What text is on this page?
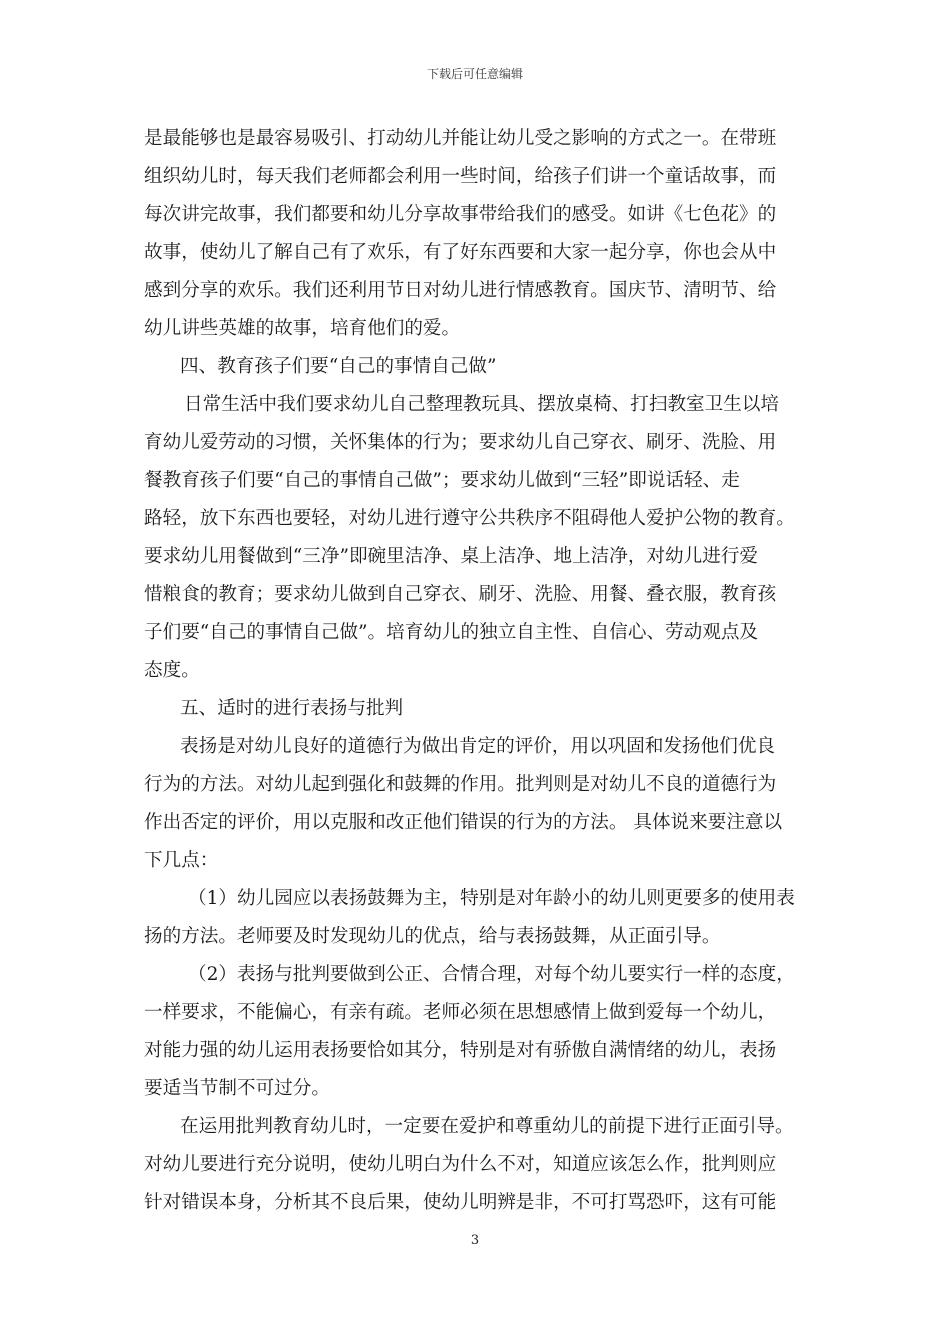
下载后可任意编辑
是最能够也是最容易吸引、打动幼儿并能让幼儿受之影响的方式之一。在带班
组织幼儿时，每天我们老师都会利用一些时间，给孩子们讲一个童话故事，而
每次讲完故事，我们都要和幼儿分享故事带给我们的感受。如讲《七色花》的
故事，使幼儿了解自己有了欢乐，有了好东西要和大家一起分享，你也会从中
感到分享的欢乐。我们还利用节日对幼儿进行情感教育。国庆节、清明节、给
幼儿讲些英雄的故事，培育他们的爱。
四、教育孩子们要“自己的事情自己做”
日常生活中我们要求幼儿自己整理教玩具、摆放桌椅、打扫教室卫生以培
育幼儿爱劳动的习惯，关怀集体的行为；要求幼儿自己穿衣、刷牙、洗脸、用
餐教育孩子们要“自己的事情自己做”；要求幼儿做到“三轻”即说话轻、走
路轻，放下东西也要轻，对幼儿进行遵守公共秩序不阻碍他人爱护公物的教育。
要求幼儿用餐做到“三净”即碗里洁净、桌上洁净、地上洁净，对幼儿进行爱
惜粮食的教育；要求幼儿做到自己穿衣、刷牙、洗脸、用餐、叠衣服，教育孩
子们要“自己的事情自己做”。培育幼儿的独立自主性、自信心、劳动观点及
态度。
五、适时的进行表扬与批判
表扬是对幼儿良好的道德行为做出肯定的评价，用以巩固和发扬他们优良
行为的方法。对幼儿起到强化和鼓舞的作用。批判则是对幼儿不良的道德行为
作出否定的评价，用以克服和改正他们错误的行为的方法。 具体说来要注意以
下几点：
（1）幼儿园应以表扬鼓舞为主，特别是对年龄小的幼儿则更要多的使用表
扬的方法。老师要及时发现幼儿的优点，给与表扬鼓舞，从正面引导。
（2）表扬与批判要做到公正、合情合理，对每个幼儿要实行一样的态度，
一样要求，不能偏心，有亲有疏。老师必须在思想感情上做到爱每一个幼儿，
对能力强的幼儿运用表扬要恰如其分，特别是对有骄傲自满情绪的幼儿，表扬
要适当节制不可过分。
在运用批判教育幼儿时，一定要在爱护和尊重幼儿的前提下进行正面引导。
对幼儿要进行充分说明，使幼儿明白为什么不对，知道应该怎么作，批判则应
针对错误本身，分析其不良后果，使幼儿明辨是非，不可打骂恐吓，这有可能
3
